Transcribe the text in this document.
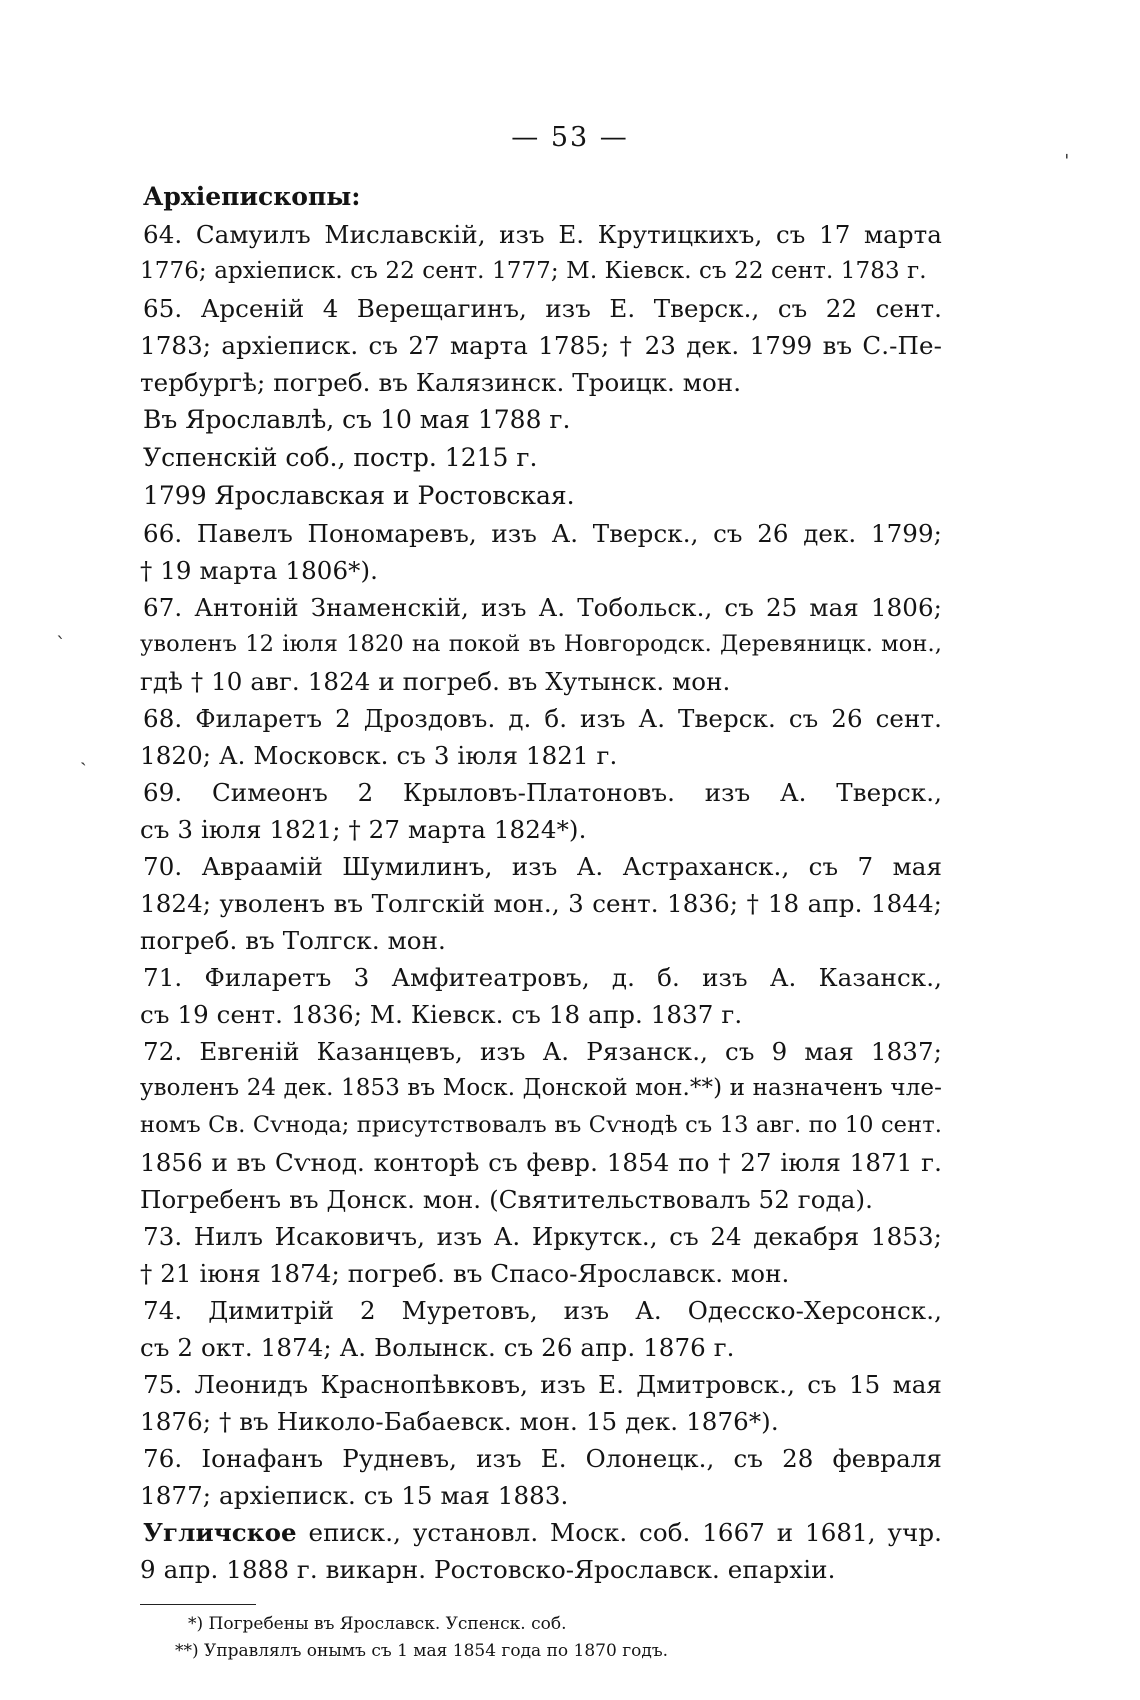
— 53 —
ˈ
ˋ
ˏ
Архіепископы:
64. Самуилъ Миславскій, изъ Е. Крутицкихъ, съ 17 марта
1776; архіеписк. съ 22 сент. 1777; М. Кіевск. съ 22 сент. 1783 г.
65. Арсеній 4 Верещагинъ, изъ Е. Тверск., съ 22 сент.
1783; архіеписк. съ 27 марта 1785; † 23 дек. 1799 въ С.-Пе-
тербургѣ; погреб. въ Калязинск. Троицк. мон.
Въ Ярославлѣ, съ 10 мая 1788 г.
Успенскій соб., постр. 1215 г.
1799 Ярославская и Ростовская.
66. Павелъ Пономаревъ, изъ А. Тверск., съ 26 дек. 1799;
† 19 марта 1806*).
67. Антоній Знаменскій, изъ А. Тобольск., съ 25 мая 1806;
уволенъ 12 іюля 1820 на покой въ Новгородск. Деревяницк. мон.,
гдѣ † 10 авг. 1824 и погреб. въ Хутынск. мон.
68. Филаретъ 2 Дроздовъ. д. б. изъ А. Тверск. съ 26 сент.
1820; А. Московск. съ 3 іюля 1821 г.
69. Симеонъ 2 Крыловъ-Платоновъ. изъ А. Тверск.,
съ 3 іюля 1821; † 27 марта 1824*).
70. Авраамій Шумилинъ, изъ А. Астраханск., съ 7 мая
1824; уволенъ въ Толгскій мон., 3 сент. 1836; † 18 апр. 1844;
погреб. въ Толгск. мон.
71. Филаретъ 3 Амфитеатровъ, д. б. изъ А. Казанск.,
съ 19 сент. 1836; М. Кіевск. съ 18 апр. 1837 г.
72. Евгеній Казанцевъ, изъ А. Рязанск., съ 9 мая 1837;
уволенъ 24 дек. 1853 въ Моск. Донской мон.**) и назначенъ чле-
номъ Св. Сѵнода; присутствовалъ въ Сѵнодѣ съ 13 авг. по 10 сент.
1856 и въ Сѵнод. конторѣ съ февр. 1854 по † 27 іюля 1871 г.
Погребенъ въ Донск. мон. (Святительствовалъ 52 года).
73. Нилъ Исаковичъ, изъ А. Иркутск., съ 24 декабря 1853;
† 21 іюня 1874; погреб. въ Спасо-Ярославск. мон.
74. Димитрій 2 Муретовъ, изъ А. Одесско-Херсонск.,
съ 2 окт. 1874; А. Волынск. съ 26 апр. 1876 г.
75. Леонидъ Краснопѣвковъ, изъ Е. Дмитровск., съ 15 мая
1876; † въ Николо-Бабаевск. мон. 15 дек. 1876*).
76. Іонафанъ Рудневъ, изъ Е. Олонецк., съ 28 февраля
1877; архіеписк. съ 15 мая 1883.
Угличское еписк., установл. Моск. соб. 1667 и 1681, учр.
9 апр. 1888 г. викарн. Ростовско-Ярославск. епархіи.
*) Погребены въ Ярославск. Успенск. соб.
**) Управлялъ онымъ съ 1 мая 1854 года по 1870 годъ.
